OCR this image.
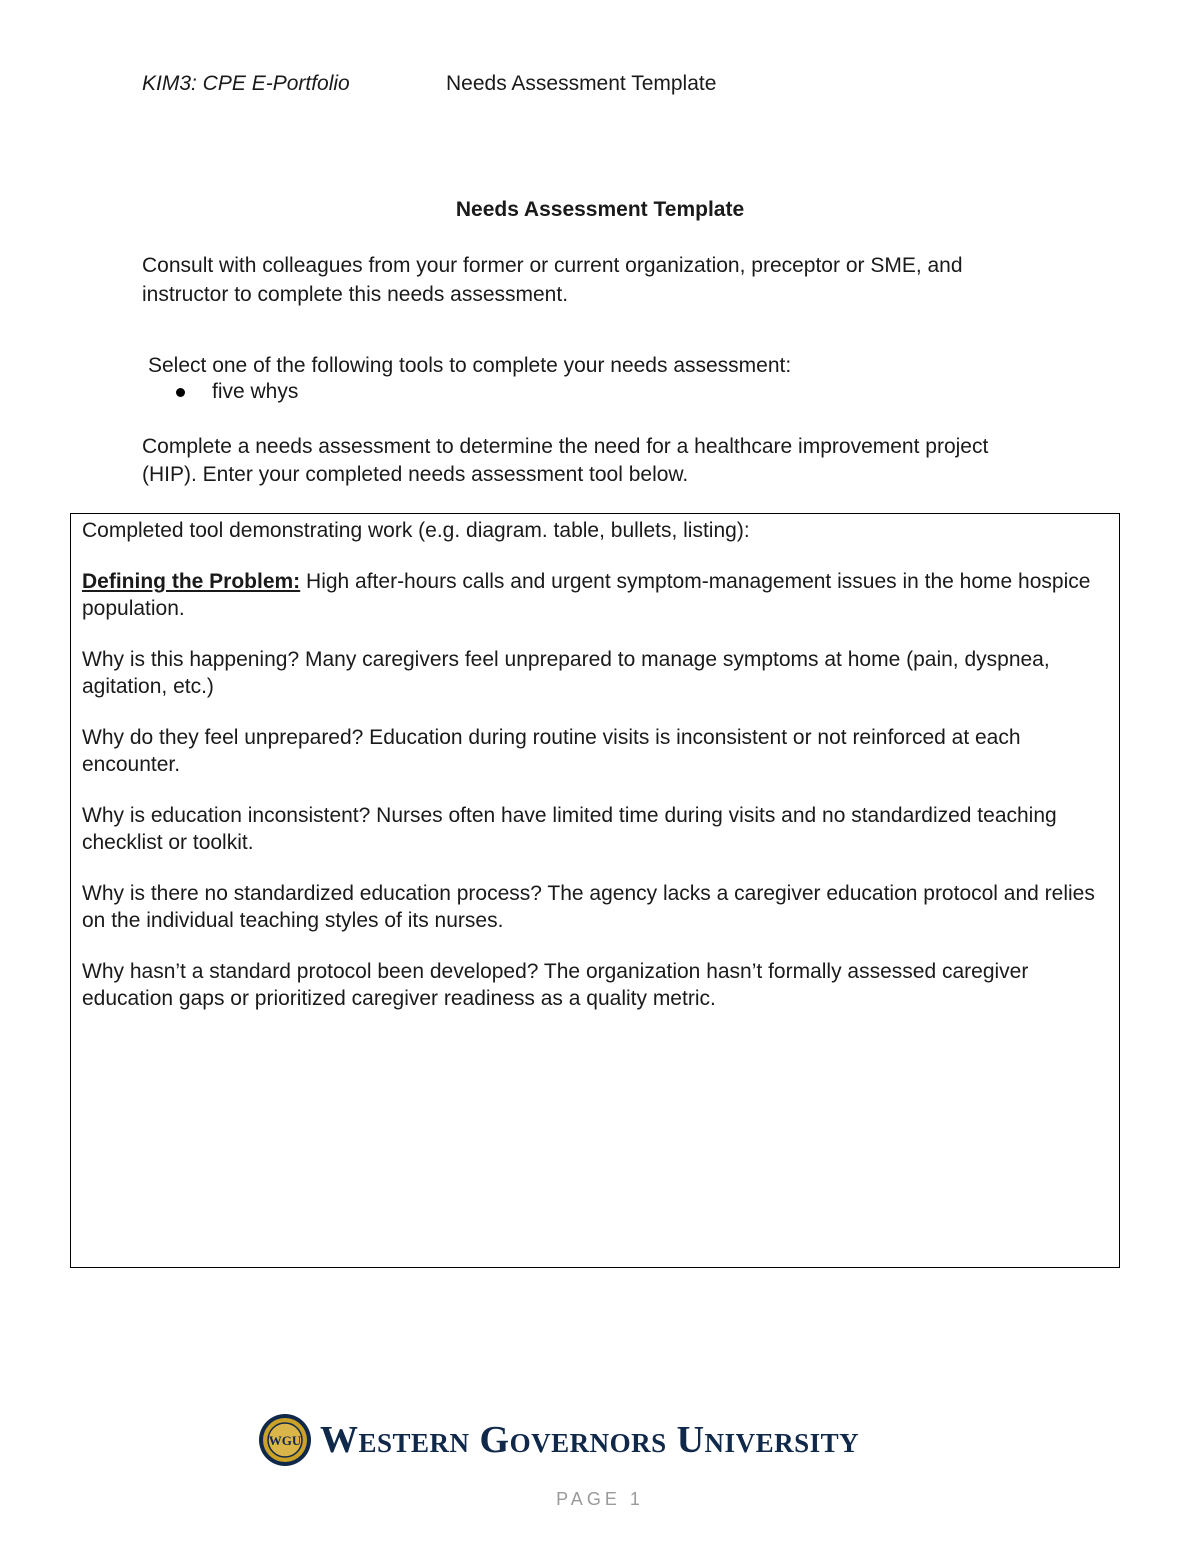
KIM3: CPE E-Portfolio	Needs Assessment Template
Needs Assessment Template
Consult with colleagues from your former or current organization, preceptor or SME, and instructor to complete this needs assessment.
Select one of the following tools to complete your needs assessment:
five whys
Complete a needs assessment to determine the need for a healthcare improvement project (HIP). Enter your completed needs assessment tool below.

Completed tool demonstrating work (e.g. diagram. table, bullets, listing):

Defining the Problem: High after-hours calls and urgent symptom-management issues in the home hospice population.

Why is this happening? Many caregivers feel unprepared to manage symptoms at home (pain, dyspnea, agitation, etc.)

Why do they feel unprepared? Education during routine visits is inconsistent or not reinforced at each encounter.

Why is education inconsistent? Nurses often have limited time during visits and no standardized teaching checklist or toolkit.

Why is there no standardized education process? The agency lacks a caregiver education protocol and relies on the individual teaching styles of its nurses.

Why hasn’t a standard protocol been developed? The organization hasn’t formally assessed caregiver education gaps or prioritized caregiver readiness as a quality metric.

WGU Western Governors University
PAGE 1
